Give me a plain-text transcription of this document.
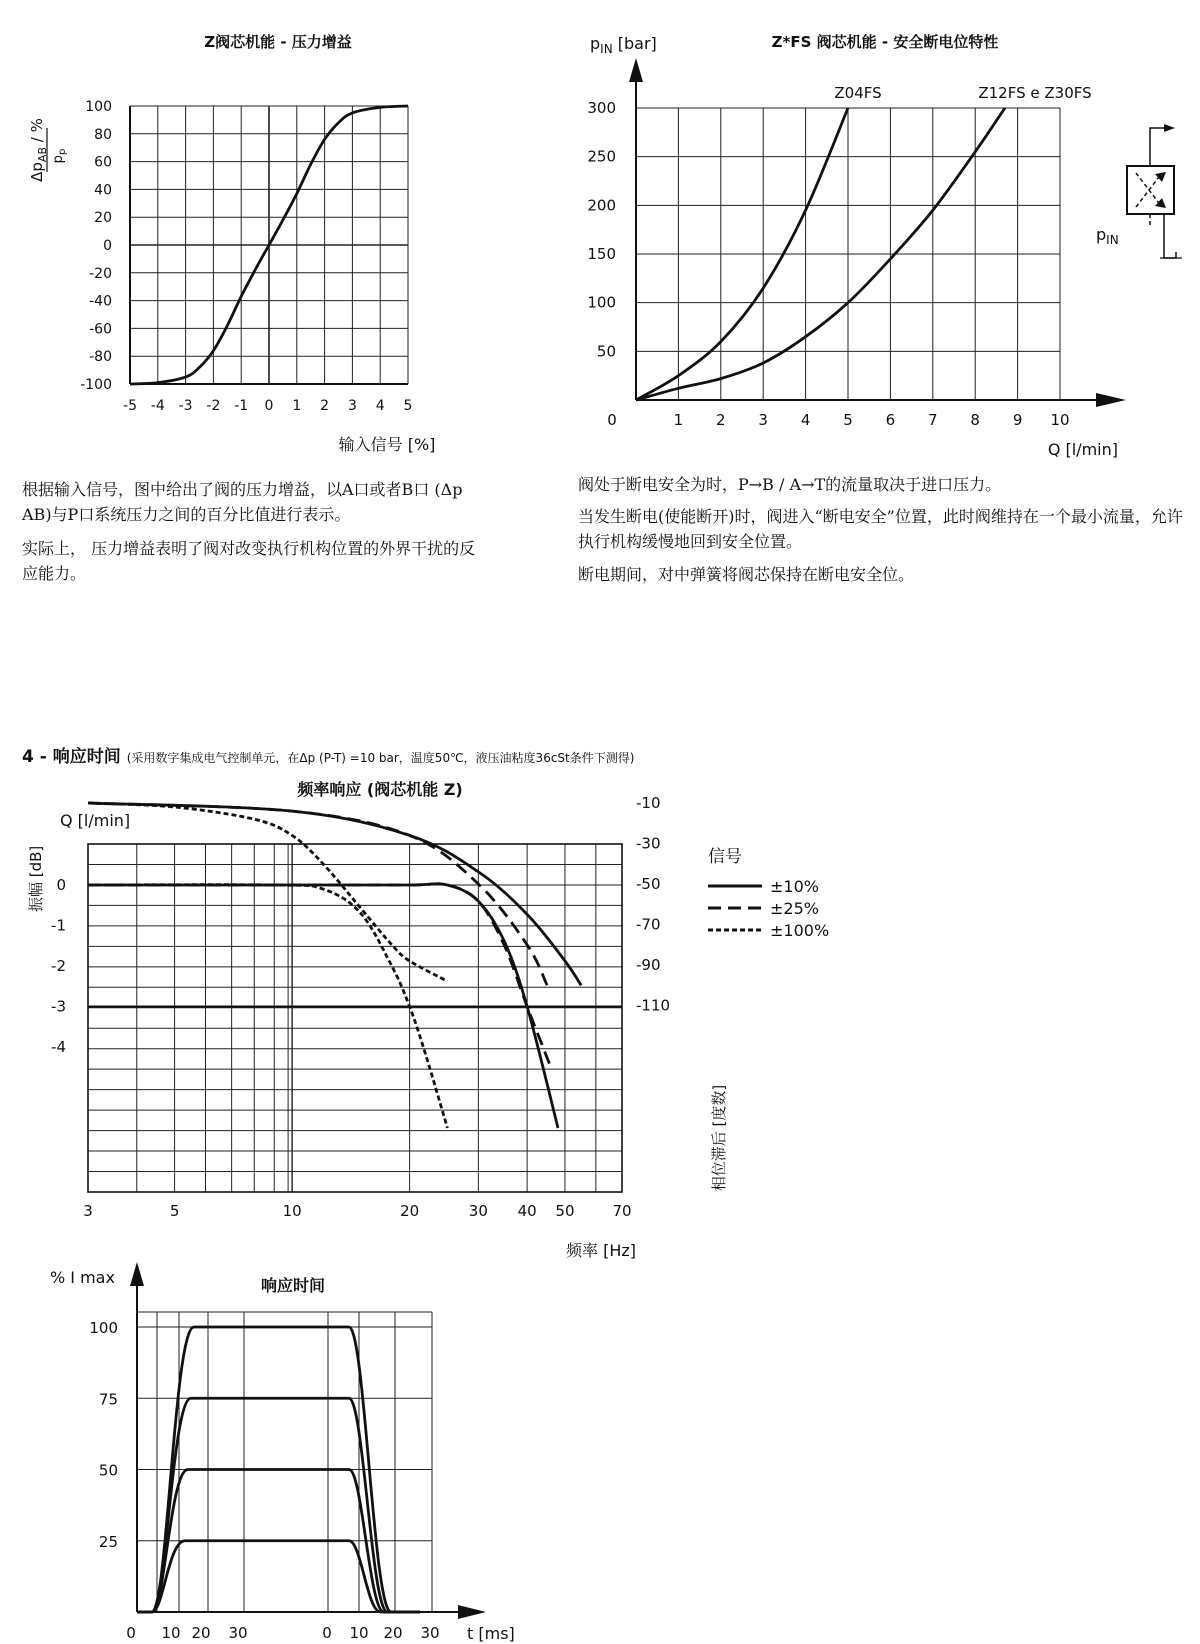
Z阀芯机能 - 压力增益
输入信号 [%]
$\Delta p_{AB}$ / %
$p_p$
100
80
60
40
20
0
-20
-40
-60
-80
-100
-5 -4 -3 -2 -1 0 1 2 3 4 5
Z*FS 阀芯机能 - 安全断电位特性
$p_{IN}$ [bar]
Q [l/min]
Z04FS	Z12FS e Z30FS
300
250
200
150
100
50
0	1 2 3 4 5 6 7 8 9 10
$p_{IN}$
根据输入信号，图中给出了阀的压力增益，以A口或者B口 (Δp AB)与P口系统压力之间的百分比值进行表示。
实际上， 压力增益表明了阀对改变执行机构位置的外界干扰的反应能力。
阀处于断电安全为时，P→B / A→T的流量取决于进口压力。
当发生断电(使能断开)时，阀进入“断电安全”位置，此时阀维持在一个最小流量，允许执行机构缓慢地回到安全位置。
断电期间，对中弹簧将阀芯保持在断电安全位。
4 - 响应时间 (采用数字集成电气控制单元，在Δp (P-T) =10 bar，温度50℃，液压油粘度36cSt条件下测得)
频率响应 (阀芯机能 Z)
Q [l/min]
振幅 [dB]
相位滞后 [度数]
频率 [Hz]
信号
±10%
±25%
±100%
0
-1
-2
-3
-4
-110
-90
-70
-50
-30
-10
3	5	10	20	30 40 50	70
响应时间
% I max
t [ms]
100
75
50
25
0 10 20 30	0 10 20 30
